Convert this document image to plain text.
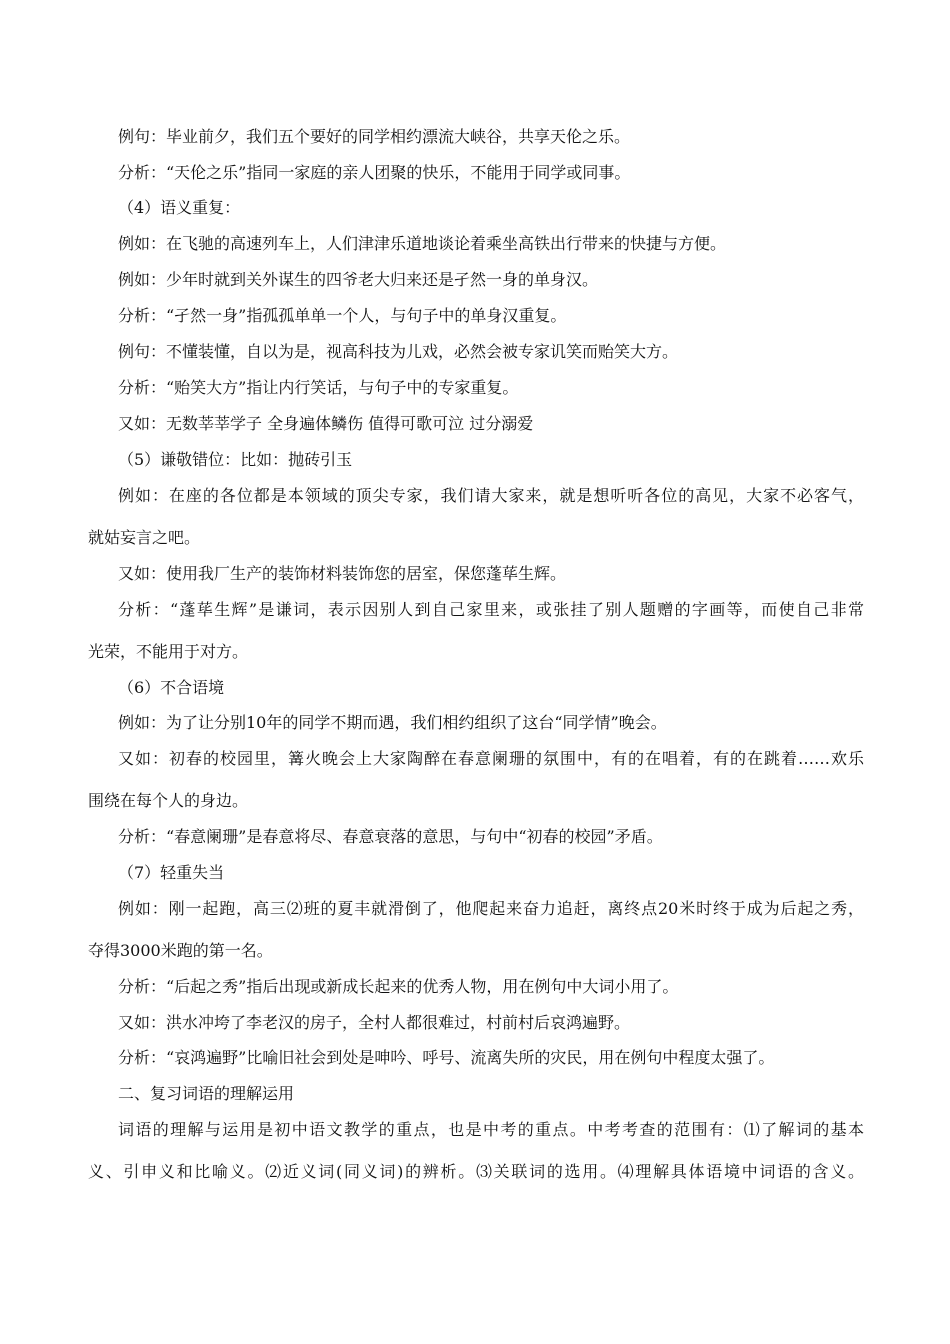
例句：毕业前夕，我们五个要好的同学相约漂流大峡谷，共享天伦之乐。
分析：“天伦之乐”指同一家庭的亲人团聚的快乐，不能用于同学或同事。
（4）语义重复：
例如：在飞驰的高速列车上，人们津津乐道地谈论着乘坐高铁出行带来的快捷与方便。
例如：少年时就到关外谋生的四爷老大归来还是孑然一身的单身汉。
分析：“孑然一身”指孤孤单单一个人，与句子中的单身汉重复。
例句：不懂装懂，自以为是，视高科技为儿戏，必然会被专家讥笑而贻笑大方。
分析：“贻笑大方”指让内行笑话，与句子中的专家重复。
又如：无数莘莘学子 全身遍体鳞伤 值得可歌可泣 过分溺爱
（5）谦敬错位：比如：抛砖引玉
例如：在座的各位都是本领域的顶尖专家，我们请大家来，就是想听听各位的高见，大家不必客气，
就姑妄言之吧。
又如：使用我厂生产的装饰材料装饰您的居室，保您蓬荜生辉。
分析：“蓬荜生辉”是谦词，表示因别人到自己家里来，或张挂了别人题赠的字画等，而使自己非常
光荣，不能用于对方。
（6）不合语境
例如：为了让分别10年的同学不期而遇，我们相约组织了这台“同学情”晚会。
又如：初春的校园里，篝火晚会上大家陶醉在春意阑珊的氛围中，有的在唱着，有的在跳着……欢乐
围绕在每个人的身边。
分析：“春意阑珊”是春意将尽、春意衰落的意思，与句中“初春的校园”矛盾。
（7）轻重失当
例如：刚一起跑，高三⑵班的夏丰就滑倒了，他爬起来奋力追赶，离终点20米时终于成为后起之秀，
夺得3000米跑的第一名。
分析：“后起之秀”指后出现或新成长起来的优秀人物，用在例句中大词小用了。
又如：洪水冲垮了李老汉的房子，全村人都很难过，村前村后哀鸿遍野。
分析：“哀鸿遍野”比喻旧社会到处是呻吟、呼号、流离失所的灾民，用在例句中程度太强了。
二、复习词语的理解运用
词语的理解与运用是初中语文教学的重点，也是中考的重点。中考考查的范围有：⑴了解词的基本
义、引申义和比喻义。⑵近义词(同义词)的辨析。⑶关联词的选用。⑷理解具体语境中词语的含义。
